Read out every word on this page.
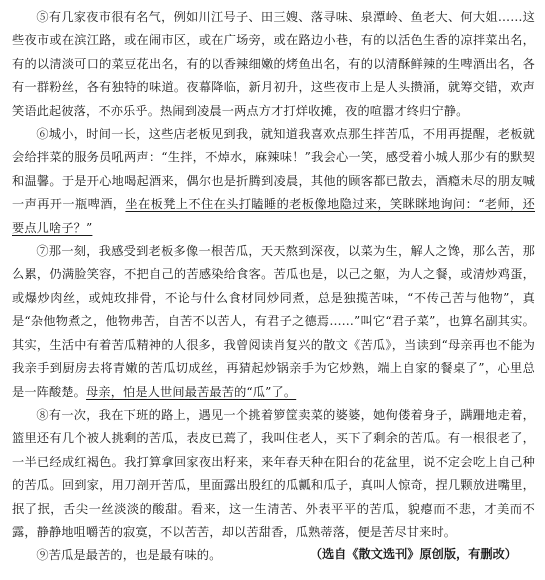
⑤有几家夜市很有名气，例如川江号子、田三嫂、落寻味、泉潭岭、鱼老大、何大姐……这些夜市或在滨江路，或在闹市区，或在广场旁，或在路边小巷，有的以活色生香的凉拌菜出名，有的以清淡可口的菜豆花出名，有的以香辣细嫩的烤鱼出名，有的以清酥鲜辣的生啤酒出名，各有一群粉丝，各有独特的味道。夜幕降临，新月初升，这些夜市上是人头攒涌，就筹交错，欢声笑语此起彼落，不亦乐乎。热闹到凌晨一两点方才打烊收摊，夜的喧嚣才终归宁静。

⑥城小，时间一长，这些店老板见到我，就知道我喜欢点那生拌苦瓜，不用再提醒，老板就会给拌菜的服务员吼两声：“生拌，不焯水，麻辣味！”我会心一笑，感受着小城人那少有的默契和温馨。于是开心地喝起酒来，偶尔也是折腾到凌晨，其他的顾客都已散去，酒瘾未尽的朋友喊一声再开一瓶啤酒，坐在板凳上不住在头打瞌睡的老板像地隐过来，笑眯眯地询问：“老师，还要点儿啥子？”

⑦那一刻，我感受到老板多像一根苦瓜，天天熬到深夜，以菜为生，解人之馋，那么苦，那么累，仍满脸笑容，不把自己的苦感染给食客。苦瓜也是，以己之躯，为人之餐，或清炒鸡蛋，或爆炒肉丝，或炖玫排骨，不论与什么食材同炒同煮，总是独揽苦味，“不传己苦与他物”，真是“杂他物煮之，他物弗苦，自苦不以苦人，有君子之德焉……”叫它“君子菜”，也算名副其实。其实，生活中有着苦瓜精神的人很多，我曾阅读肖复兴的散文《苦瓜》，当读到“母亲再也不能为我亲手到厨房去将青嫩的苦瓜切成丝，再猜起炒锅亲手为它炒熟，端上自家的餐桌了”，心里总是一阵酸楚。母亲，怕是人世间最苦最苦的“瓜”了。

⑧有一次，我在下班的路上，遇见一个挑着箩筐卖菜的婆婆，她佝偻着身子，蹒跚地走着，篮里还有几个被人挑剩的苦瓜，表皮已蔫了，我叫住老人，买下了剩余的苦瓜。有一根很老了，一半已经成红褐色。我打算拿回家夜出籽来，来年春天种在阳台的花盆里，说不定会吃上自己种的苦瓜。回到家，用刀剖开苦瓜，里面露出殷红的瓜瓤和瓜子，真叫人惊奇，捏几颗放进嘴里，抿了抿，舌尖一丝淡淡的酸甜。看来，这一生清苦、外表平平的苦瓜，貌瘪而不悲，才美而不露，静静地咀嚼苦的寂寞，不以苦苦，却以苦甜香，瓜熟蒂落，便是苦尽甘来时。

⑨苦瓜是最苦的，也是最有味的。	（选自《散文选刊》原创版，有删改）
